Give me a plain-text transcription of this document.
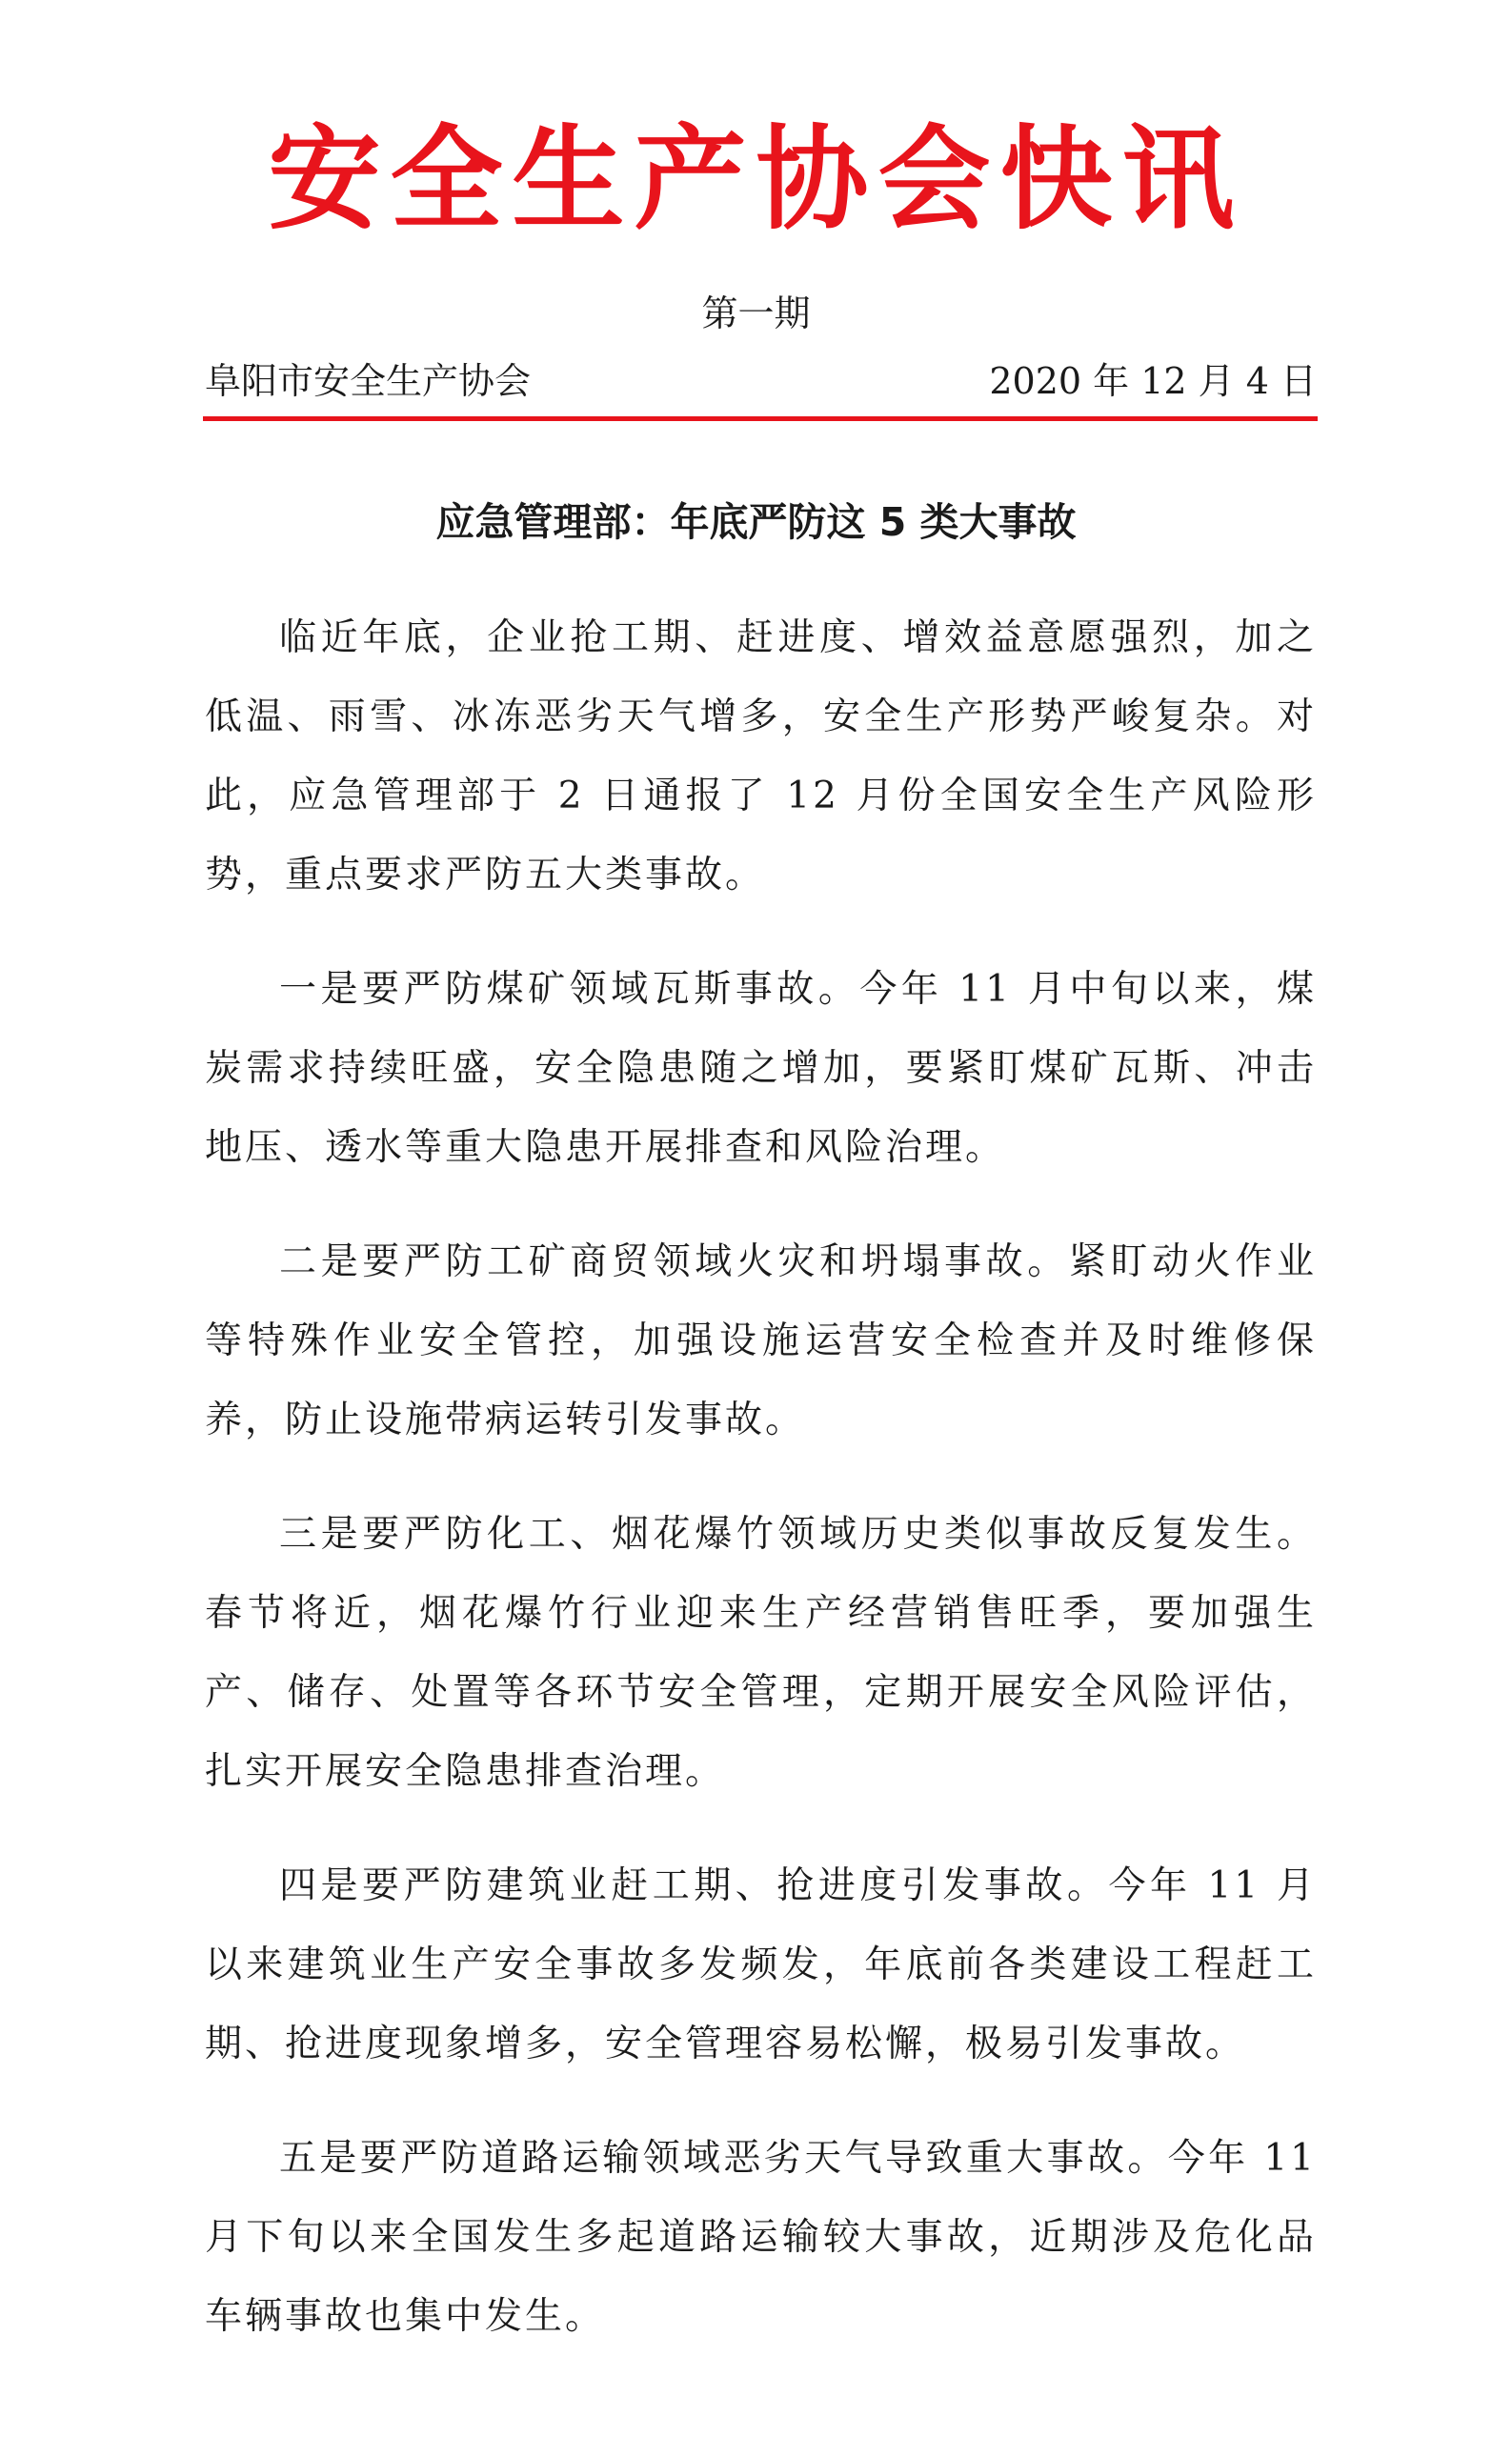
安全生产协会快讯
第一期
阜阳市安全生产协会	2020 年 12 月 4 日
应急管理部：年底严防这 5 类大事故

临近年底，企业抢工期、赶进度、增效益意愿强烈，加之低温、雨雪、冰冻恶劣天气增多，安全生产形势严峻复杂。对此，应急管理部于 2 日通报了 12 月份全国安全生产风险形势，重点要求严防五大类事故。

一是要严防煤矿领域瓦斯事故。今年 11 月中旬以来，煤炭需求持续旺盛，安全隐患随之增加，要紧盯煤矿瓦斯、冲击地压、透水等重大隐患开展排查和风险治理。

二是要严防工矿商贸领域火灾和坍塌事故。紧盯动火作业等特殊作业安全管控，加强设施运营安全检查并及时维修保养，防止设施带病运转引发事故。

三是要严防化工、烟花爆竹领域历史类似事故反复发生。春节将近，烟花爆竹行业迎来生产经营销售旺季，要加强生产、储存、处置等各环节安全管理，定期开展安全风险评估，扎实开展安全隐患排查治理。

四是要严防建筑业赶工期、抢进度引发事故。今年 11 月以来建筑业生产安全事故多发频发，年底前各类建设工程赶工期、抢进度现象增多，安全管理容易松懈，极易引发事故。

五是要严防道路运输领域恶劣天气导致重大事故。今年 11 月下旬以来全国发生多起道路运输较大事故，近期涉及危化品车辆事故也集中发生。
